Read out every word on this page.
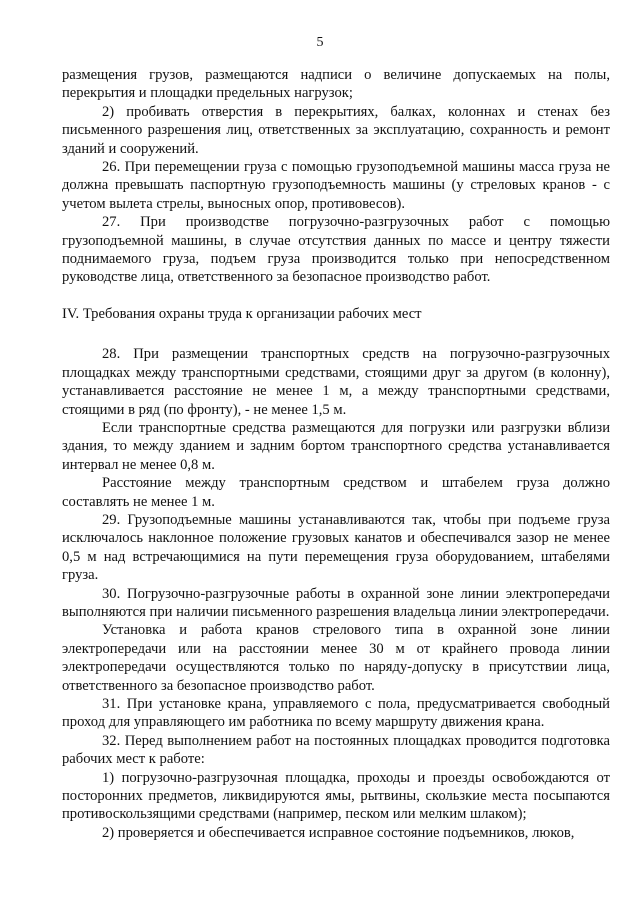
5

размещения грузов, размещаются надписи о величине допускаемых на полы, перекрытия и площадки предельных нагрузок;

2) пробивать отверстия в перекрытиях, балках, колоннах и стенах без письменного разрешения лиц, ответственных за эксплуатацию, сохранность и ремонт зданий и сооружений.

26. При перемещении груза с помощью грузоподъемной машины масса груза не должна превышать паспортную грузоподъемность машины (у стреловых кранов - с учетом вылета стрелы, выносных опор, противовесов).

27. При производстве погрузочно-разгрузочных работ с помощью грузоподъемной машины, в случае отсутствия данных по массе и центру тяжести поднимаемого груза, подъем груза производится только при непосредственном руководстве лица, ответственного за безопасное производство работ.

IV. Требования охраны труда к организации рабочих мест

28. При размещении транспортных средств на погрузочно-разгрузочных площадках между транспортными средствами, стоящими друг за другом (в колонну), устанавливается расстояние не менее 1 м, а между транспортными средствами, стоящими в ряд (по фронту), - не менее 1,5 м.

Если транспортные средства размещаются для погрузки или разгрузки вблизи здания, то между зданием и задним бортом транспортного средства устанавливается интервал не менее 0,8 м.

Расстояние между транспортным средством и штабелем груза должно составлять не менее 1 м.

29. Грузоподъемные машины устанавливаются так, чтобы при подъеме груза исключалось наклонное положение грузовых канатов и обеспечивался зазор не менее 0,5 м над встречающимися на пути перемещения груза оборудованием, штабелями груза.

30. Погрузочно-разгрузочные работы в охранной зоне линии электропередачи выполняются при наличии письменного разрешения владельца линии электропередачи.

Установка и работа кранов стрелового типа в охранной зоне линии электропередачи или на расстоянии менее 30 м от крайнего провода линии электропередачи осуществляются только по наряду-допуску в присутствии лица, ответственного за безопасное производство работ.

31. При установке крана, управляемого с пола, предусматривается свободный проход для управляющего им работника по всему маршруту движения крана.

32. Перед выполнением работ на постоянных площадках проводится подготовка рабочих мест к работе:

1) погрузочно-разгрузочная площадка, проходы и проезды освобождаются от посторонних предметов, ликвидируются ямы, рытвины, скользкие места посыпаются противоскользящими средствами (например, песком или мелким шлаком);

2) проверяется и обеспечивается исправное состояние подъемников, люков,
